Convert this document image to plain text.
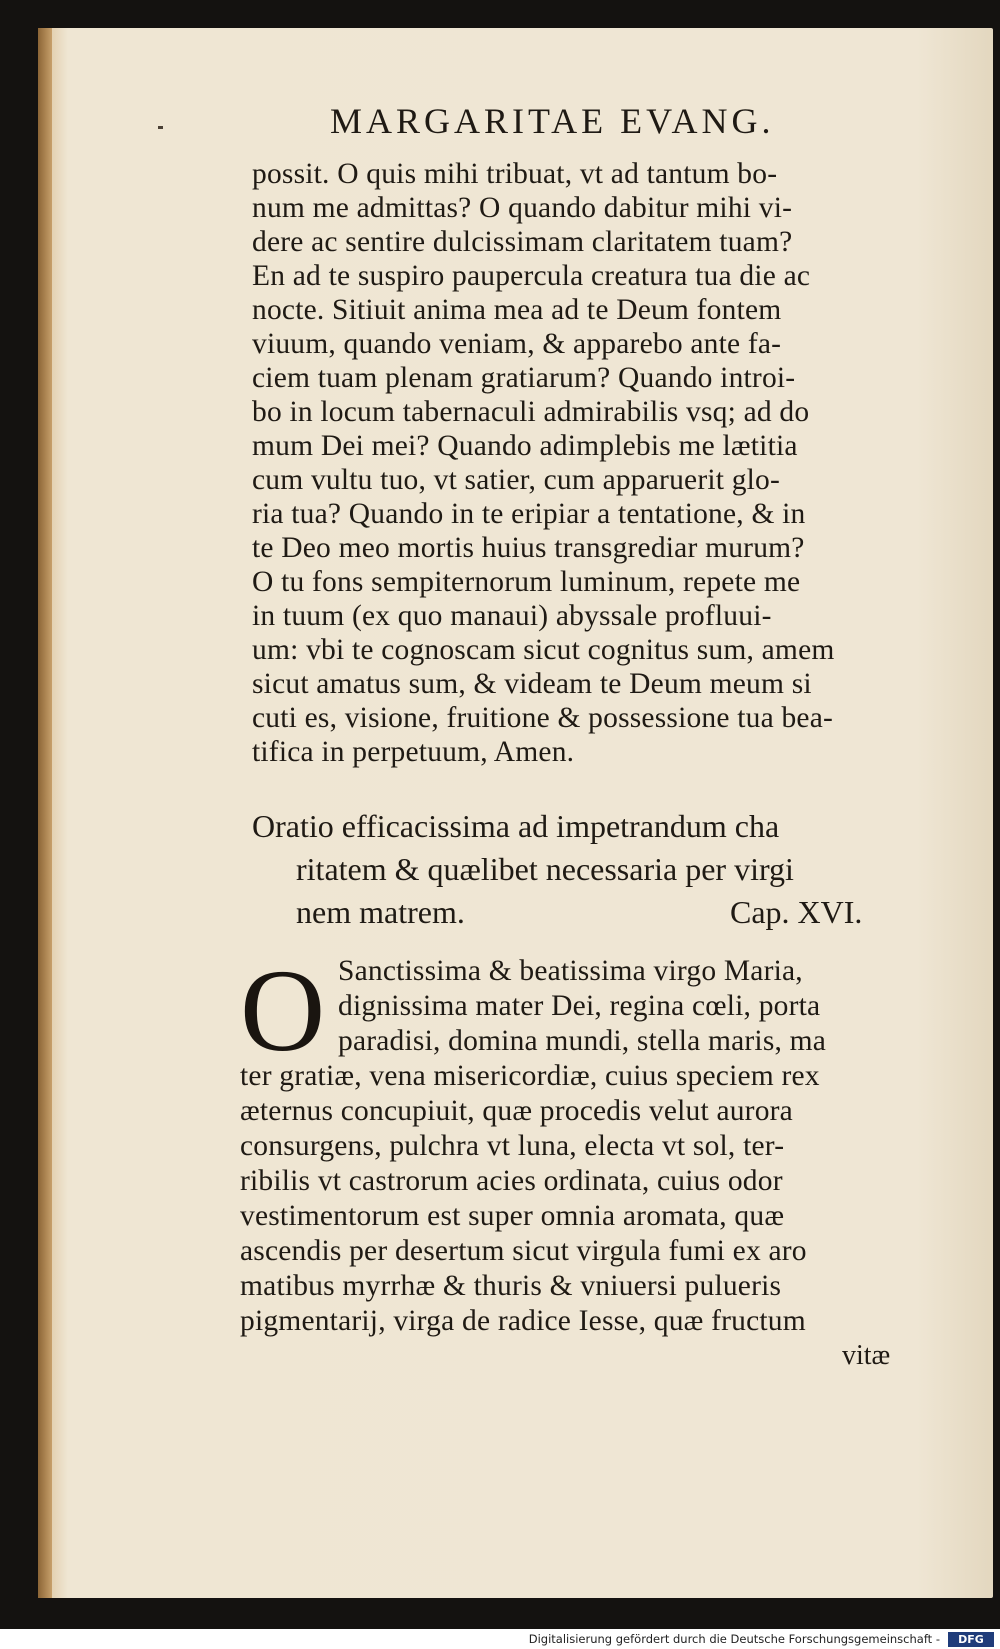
MARGARITAE EVANG.
possit. O quis mihi tribuat, vt ad tantum bo-
num me admittas? O quando dabitur mihi vi-
dere ac sentire dulcissimam claritatem tuam?
En ad te suspiro paupercula creatura tua die ac
nocte. Sitiuit anima mea ad te Deum fontem
viuum, quando veniam, & apparebo ante fa-
ciem tuam plenam gratiarum? Quando introi-
bo in locum tabernaculi admirabilis vsq; ad do
mum Dei mei? Quando adimplebis me lætitia
cum vultu tuo, vt satier, cum apparuerit glo-
ria tua? Quando in te eripiar a tentatione, & in
te Deo meo mortis huius transgrediar murum?
O tu fons sempiternorum luminum, repete me
in tuum (ex quo manaui) abyssale profluui-
um: vbi te cognoscam sicut cognitus sum, amem
sicut amatus sum, & videam te Deum meum si
cuti es, visione, fruitione & possessione tua bea-
tifica in perpetuum, Amen.
Oratio efficacissima ad impetrandum cha
ritatem & quælibet necessaria per virgi
nem matrem.	Cap. XVI.
O Sanctissima & beatissima virgo Maria,
dignissima mater Dei, regina cœli, porta
paradisi, domina mundi, stella maris, ma
ter gratiæ, vena misericordiæ, cuius speciem rex
æternus concupiuit, quæ procedis velut aurora
consurgens, pulchra vt luna, electa vt sol, ter-
ribilis vt castrorum acies ordinata, cuius odor
vestimentorum est super omnia aromata, quæ
ascendis per desertum sicut virgula fumi ex aro
matibus myrrhæ & thuris & vniuersi pulueris
pigmentarij, virga de radice Iesse, quæ fructum
vitæ
Digitalisierung gefördert durch die Deutsche Forschungsgemeinschaft -	DFG
